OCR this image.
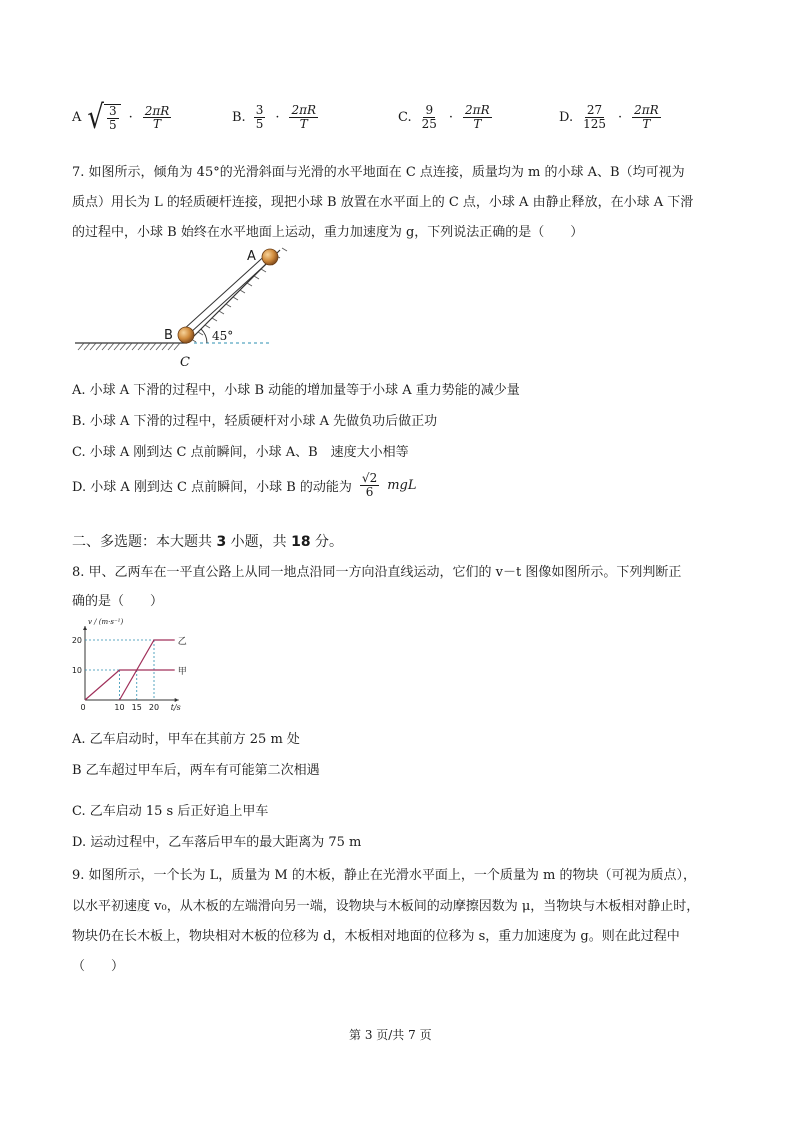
A √ $\frac{3}{5} \cdot \frac{2\pi R}{T}$	B. $\frac{3}{5} \cdot \frac{2\pi R}{T}$	C. $\frac{9}{25} \cdot \frac{2\pi R}{T}$	D. $\frac{27}{125} \cdot \frac{2\pi R}{T}$
7. 如图所示，倾角为 45°的光滑斜面与光滑的水平地面在 C 点连接，质量均为 m 的小球 A、B（均可视为
质点）用长为 L 的轻质硬杆连接，现把小球 B 放置在水平面上的 C 点，小球 A 由静止释放，在小球 A 下滑
的过程中，小球 B 始终在水平地面上运动，重力加速度为 g，下列说法正确的是（　　）
A
B
C
45°
A. 小球 A 下滑的过程中，小球 B 动能的增加量等于小球 A 重力势能的减少量
B. 小球 A 下滑的过程中，轻质硬杆对小球 A 先做负功后做正功
C. 小球 A 刚到达 C 点前瞬间，小球 A、B　速度大小相等
D. 小球 A 刚到达 C 点前瞬间，小球 B 的动能为 $\frac{√2}{6}$ mgL
二、多选题：本大题共 3 小题，共 18 分。
8. 甲、乙两车在一平直公路上从同一地点沿同一方向沿直线运动，它们的 v－t 图像如图所示。下列判断正
确的是（　　）
甲
乙
0	10 15 20
10
20
v / (m·s⁻¹)
t/s
A. 乙车启动时，甲车在其前方 25 m 处
B 乙车超过甲车后，两车有可能第二次相遇
C. 乙车启动 15 s 后正好追上甲车
D. 运动过程中，乙车落后甲车的最大距离为 75 m
9. 如图所示，一个长为 L，质量为 M 的木板，静止在光滑水平面上，一个质量为 m 的物块（可视为质点），
以水平初速度 v₀，从木板的左端滑向另一端，设物块与木板间的动摩擦因数为 μ，当物块与木板相对静止时，
物块仍在长木板上，物块相对木板的位移为 d，木板相对地面的位移为 s，重力加速度为 g。则在此过程中
（　　）
第 3 页/共 7 页
